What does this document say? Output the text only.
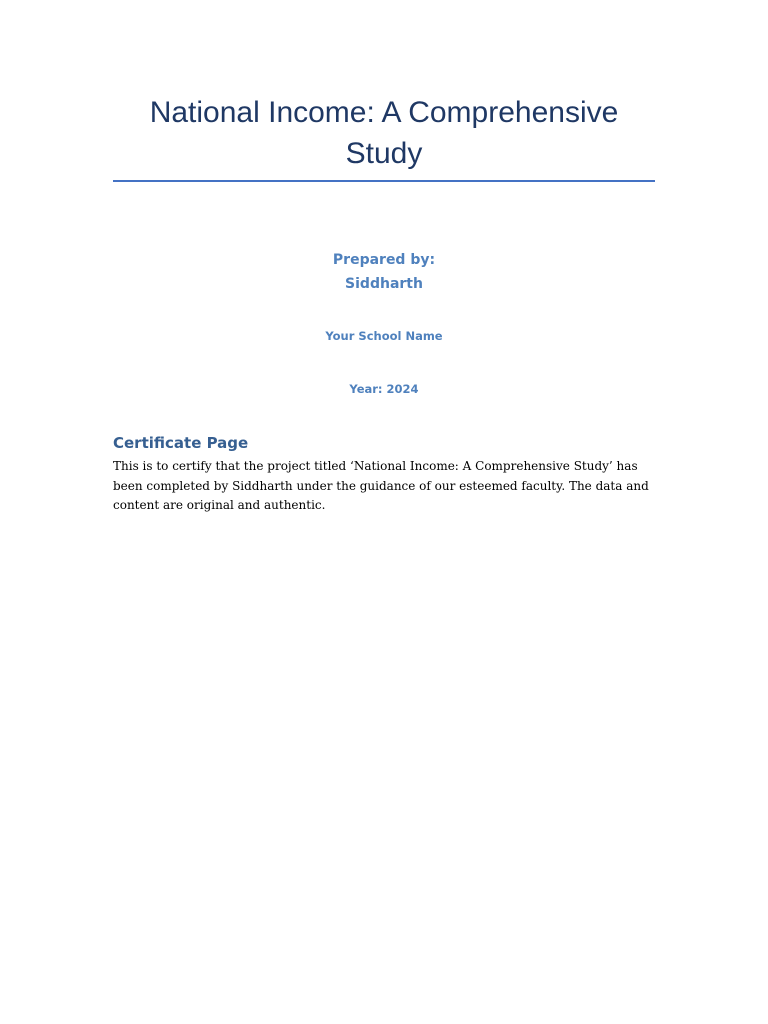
National Income: A Comprehensive Study
Prepared by:
Siddharth
Your School Name
Year: 2024
Certificate Page

This is to certify that the project titled ‘National Income: A Comprehensive Study’ has been completed by Siddharth under the guidance of our esteemed faculty. The data and content are original and authentic.
